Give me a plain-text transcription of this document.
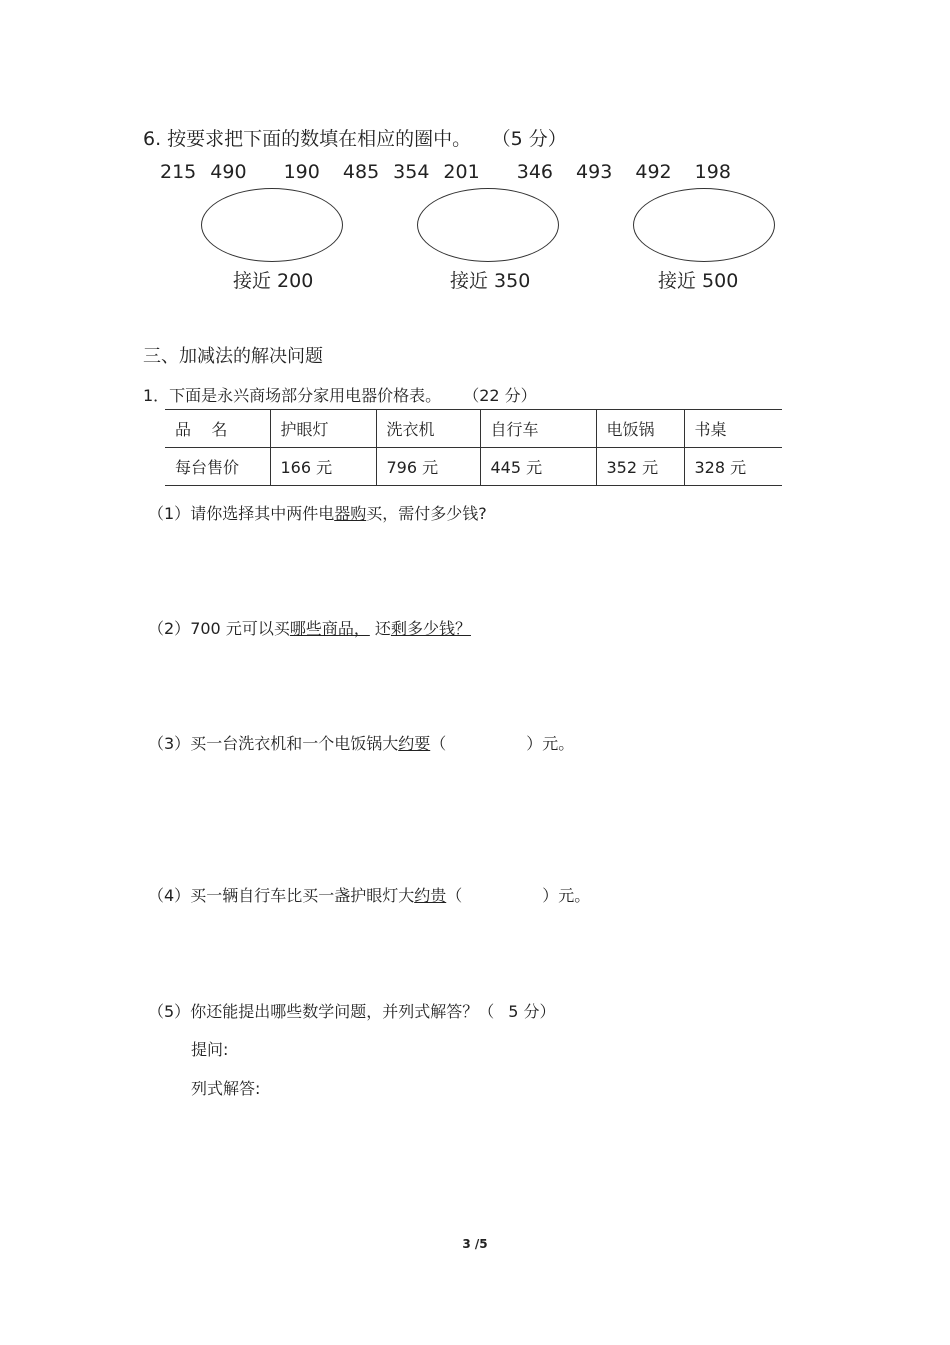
6. 按要求把下面的数填在相应的圈中。 （5 分）
215 490 190 485 354 201 346 493 492 198
接近 200	接近 350	接近 500
三、加减法的解决问题
1．下面是永兴商场部分家用电器价格表。 （22 分）
品    名	护眼灯	洗衣机	自行车	电饭锅	书桌
每台售价	166 元	796 元	445 元	352 元	328 元
（1）请你选择其中两件电器购买，需付多少钱?
（2）700 元可以买哪些商品， 还剩多少钱？
（3）买一台洗衣机和一个电饭锅大约要（	）元。
（4）买一辆自行车比买一盏护眼灯大约贵（	）元。
（5）你还能提出哪些数学问题，并列式解答？（ 5 分）
提问:
列式解答:
3 /5
